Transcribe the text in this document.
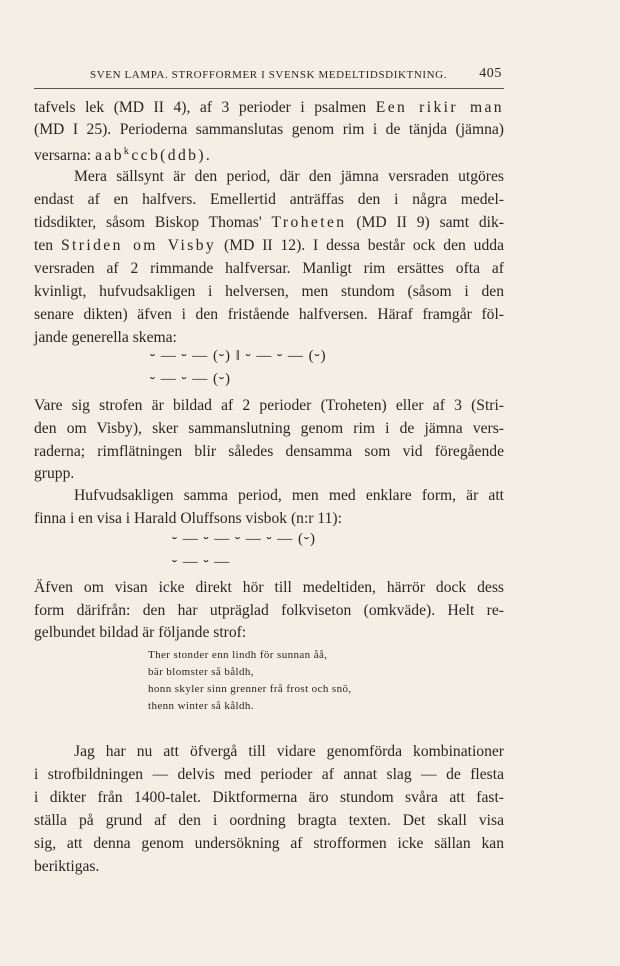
SVEN LAMPA. STROFFORMER I SVENSK MEDELTIDSDIKTNING. 405
tafvels lek (MD II 4), af 3 perioder i psalmen Een rikir man
(MD I 25). Perioderna sammanslutas genom rim i de tänjda (jämna)
versarna: aab$^k$ccb(ddb).
Mera sällsynt är den period, där den jämna versraden utgöres
endast af en halfvers. Emellertid anträffas den i några medel-
tidsdikter, såsom Biskop Thomas' Troheten (MD II 9) samt dik-
ten Striden om Visby (MD II 12). I dessa består ock den udda
versraden af 2 rimmande halfversar. Manligt rim ersättes ofta af
kvinligt, hufvudsakligen i helversen, men stundom (såsom i den
senare dikten) äfven i den fristående halfversen. Häraf framgår föl-
jande generella skema:
⏑ — ⏑ — (⏑) ‖ ⏑ — ⏑ — (⏑)
⏑ — ⏑ — (⏑)
Vare sig strofen är bildad af 2 perioder (Troheten) eller af 3 (Stri-
den om Visby), sker sammanslutning genom rim i de jämna vers-
raderna; rimflätningen blir således densamma som vid föregående
grupp.
Hufvudsakligen samma period, men med enklare form, är att
finna i en visa i Harald Oluffsons visbok (n:r 11):
⏑ — ⏑ — ⏑ — ⏑ — (⏑)
⏑ — ⏑ —
Äfven om visan icke direkt hör till medeltiden, härrör dock dess
form därifrån: den har utpräglad folkviseton (omkväde). Helt re-
gelbundet bildad är följande strof:
Ther stonder enn lindh för sunnan åå,
bär blomster så båldh,
honn skyler sinn grenner frå frost och snö,
thenn winter så kåldh.
Jag har nu att öfvergå till vidare genomförda kombinationer
i strofbildningen — delvis med perioder af annat slag — de flesta
i dikter från 1400-talet. Diktformerna äro stundom svåra att fast-
ställa på grund af den i oordning bragta texten. Det skall visa
sig, att denna genom undersökning af strofformen icke sällan kan
beriktigas.
